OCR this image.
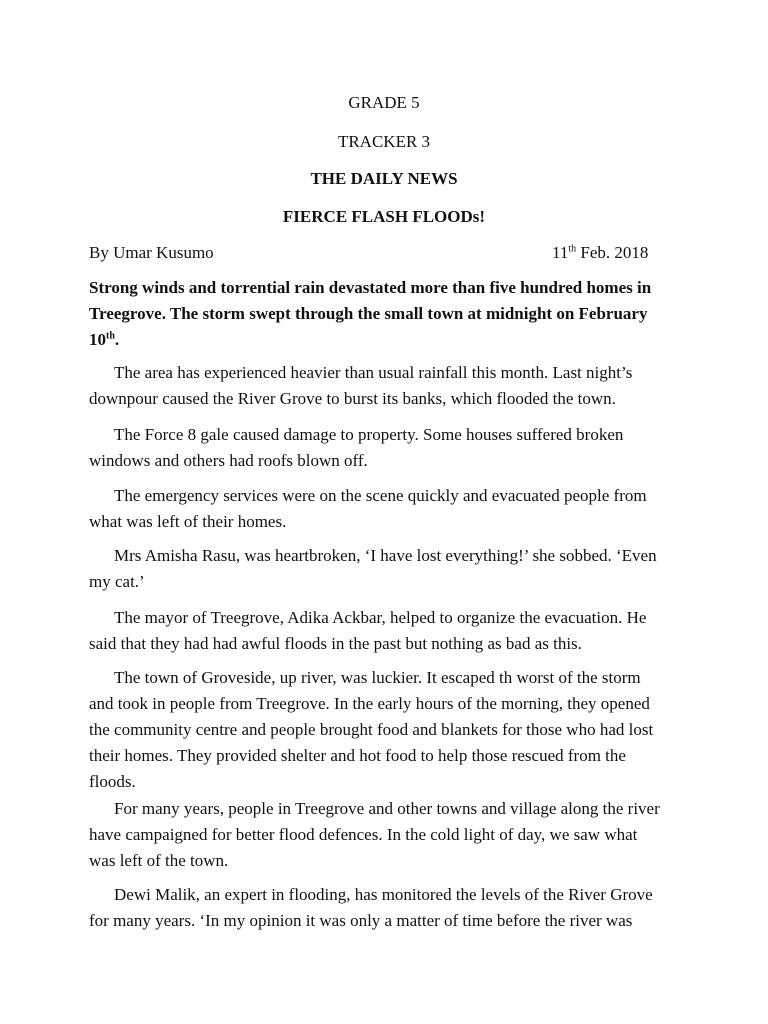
GRADE 5

TRACKER 3

THE DAILY NEWS

FIERCE FLASH FLOODs!

By Umar Kusumo	11th Feb. 2018

Strong winds and torrential rain devastated more than five hundred homes in
Treegrove. The storm swept through the small town at midnight on February
10th.
The area has experienced heavier than usual rainfall this month. Last night’s
downpour caused the River Grove to burst its banks, which flooded the town.
The Force 8 gale caused damage to property. Some houses suffered broken
windows and others had roofs blown off.
The emergency services were on the scene quickly and evacuated people from
what was left of their homes.
Mrs Amisha Rasu, was heartbroken, ‘I have lost everything!’ she sobbed. ‘Even
my cat.’
The mayor of Treegrove, Adika Ackbar, helped to organize the evacuation. He
said that they had had awful floods in the past but nothing as bad as this.
The town of Groveside, up river, was luckier. It escaped th worst of the storm
and took in people from Treegrove. In the early hours of the morning, they opened
the community centre and people brought food and blankets for those who had lost
their homes. They provided shelter and hot food to help those rescued from the
floods.
For many years, people in Treegrove and other towns and village along the river
have campaigned for better flood defences. In the cold light of day, we saw what
was left of the town.
Dewi Malik, an expert in flooding, has monitored the levels of the River Grove
for many years. ‘In my opinion it was only a matter of time before the river was
